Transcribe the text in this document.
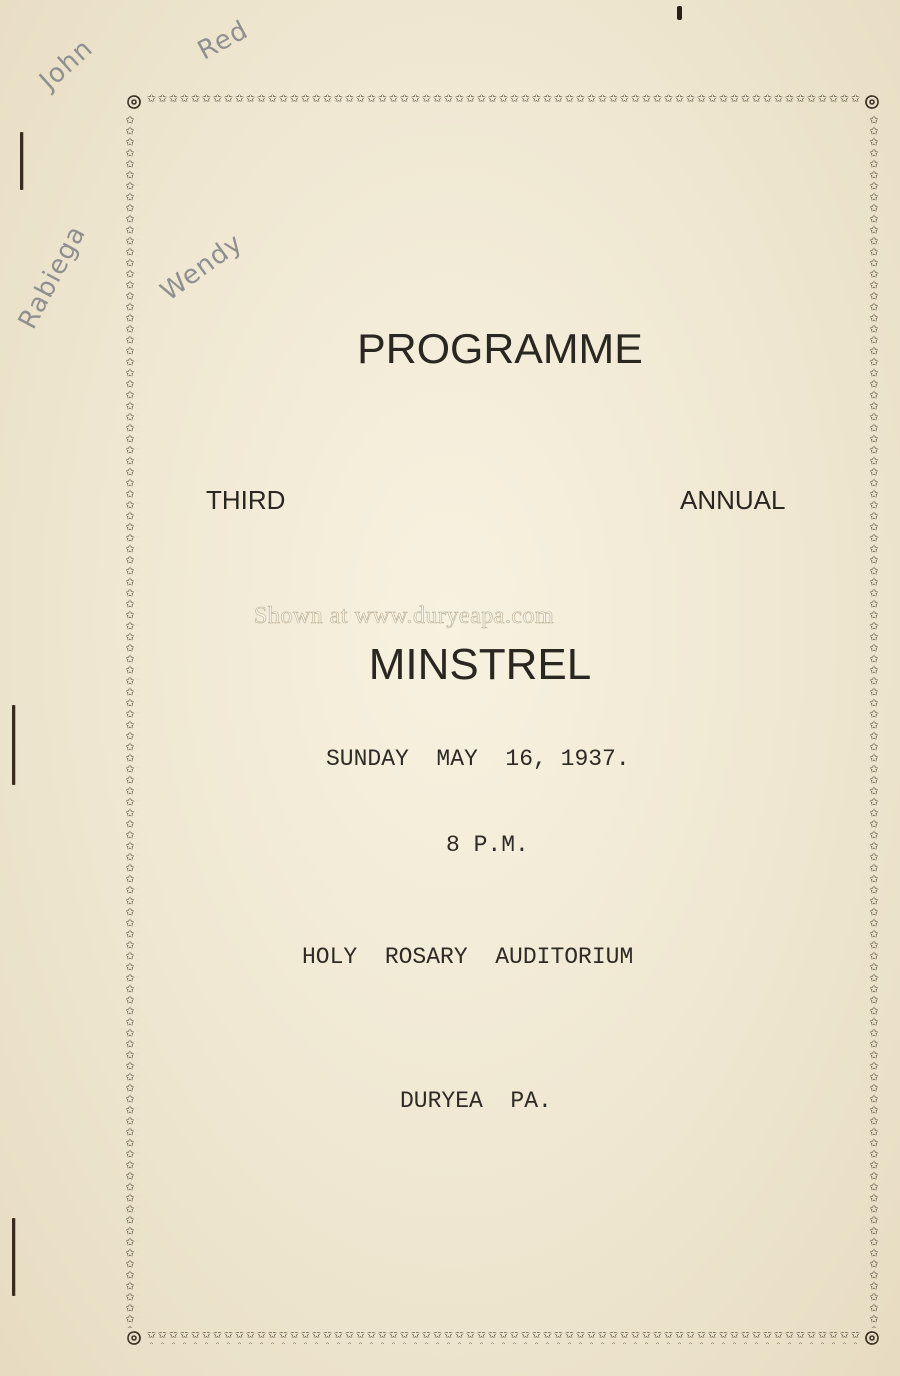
John	Red
Wendy
Rabiega
PROGRAMME
THIRD	ANNUAL
Shown at www.duryeapa.com
MINSTREL
SUNDAY  MAY  16, 1937.
8 P.M.
HOLY  ROSARY  AUDITORIUM
DURYEA  PA.
